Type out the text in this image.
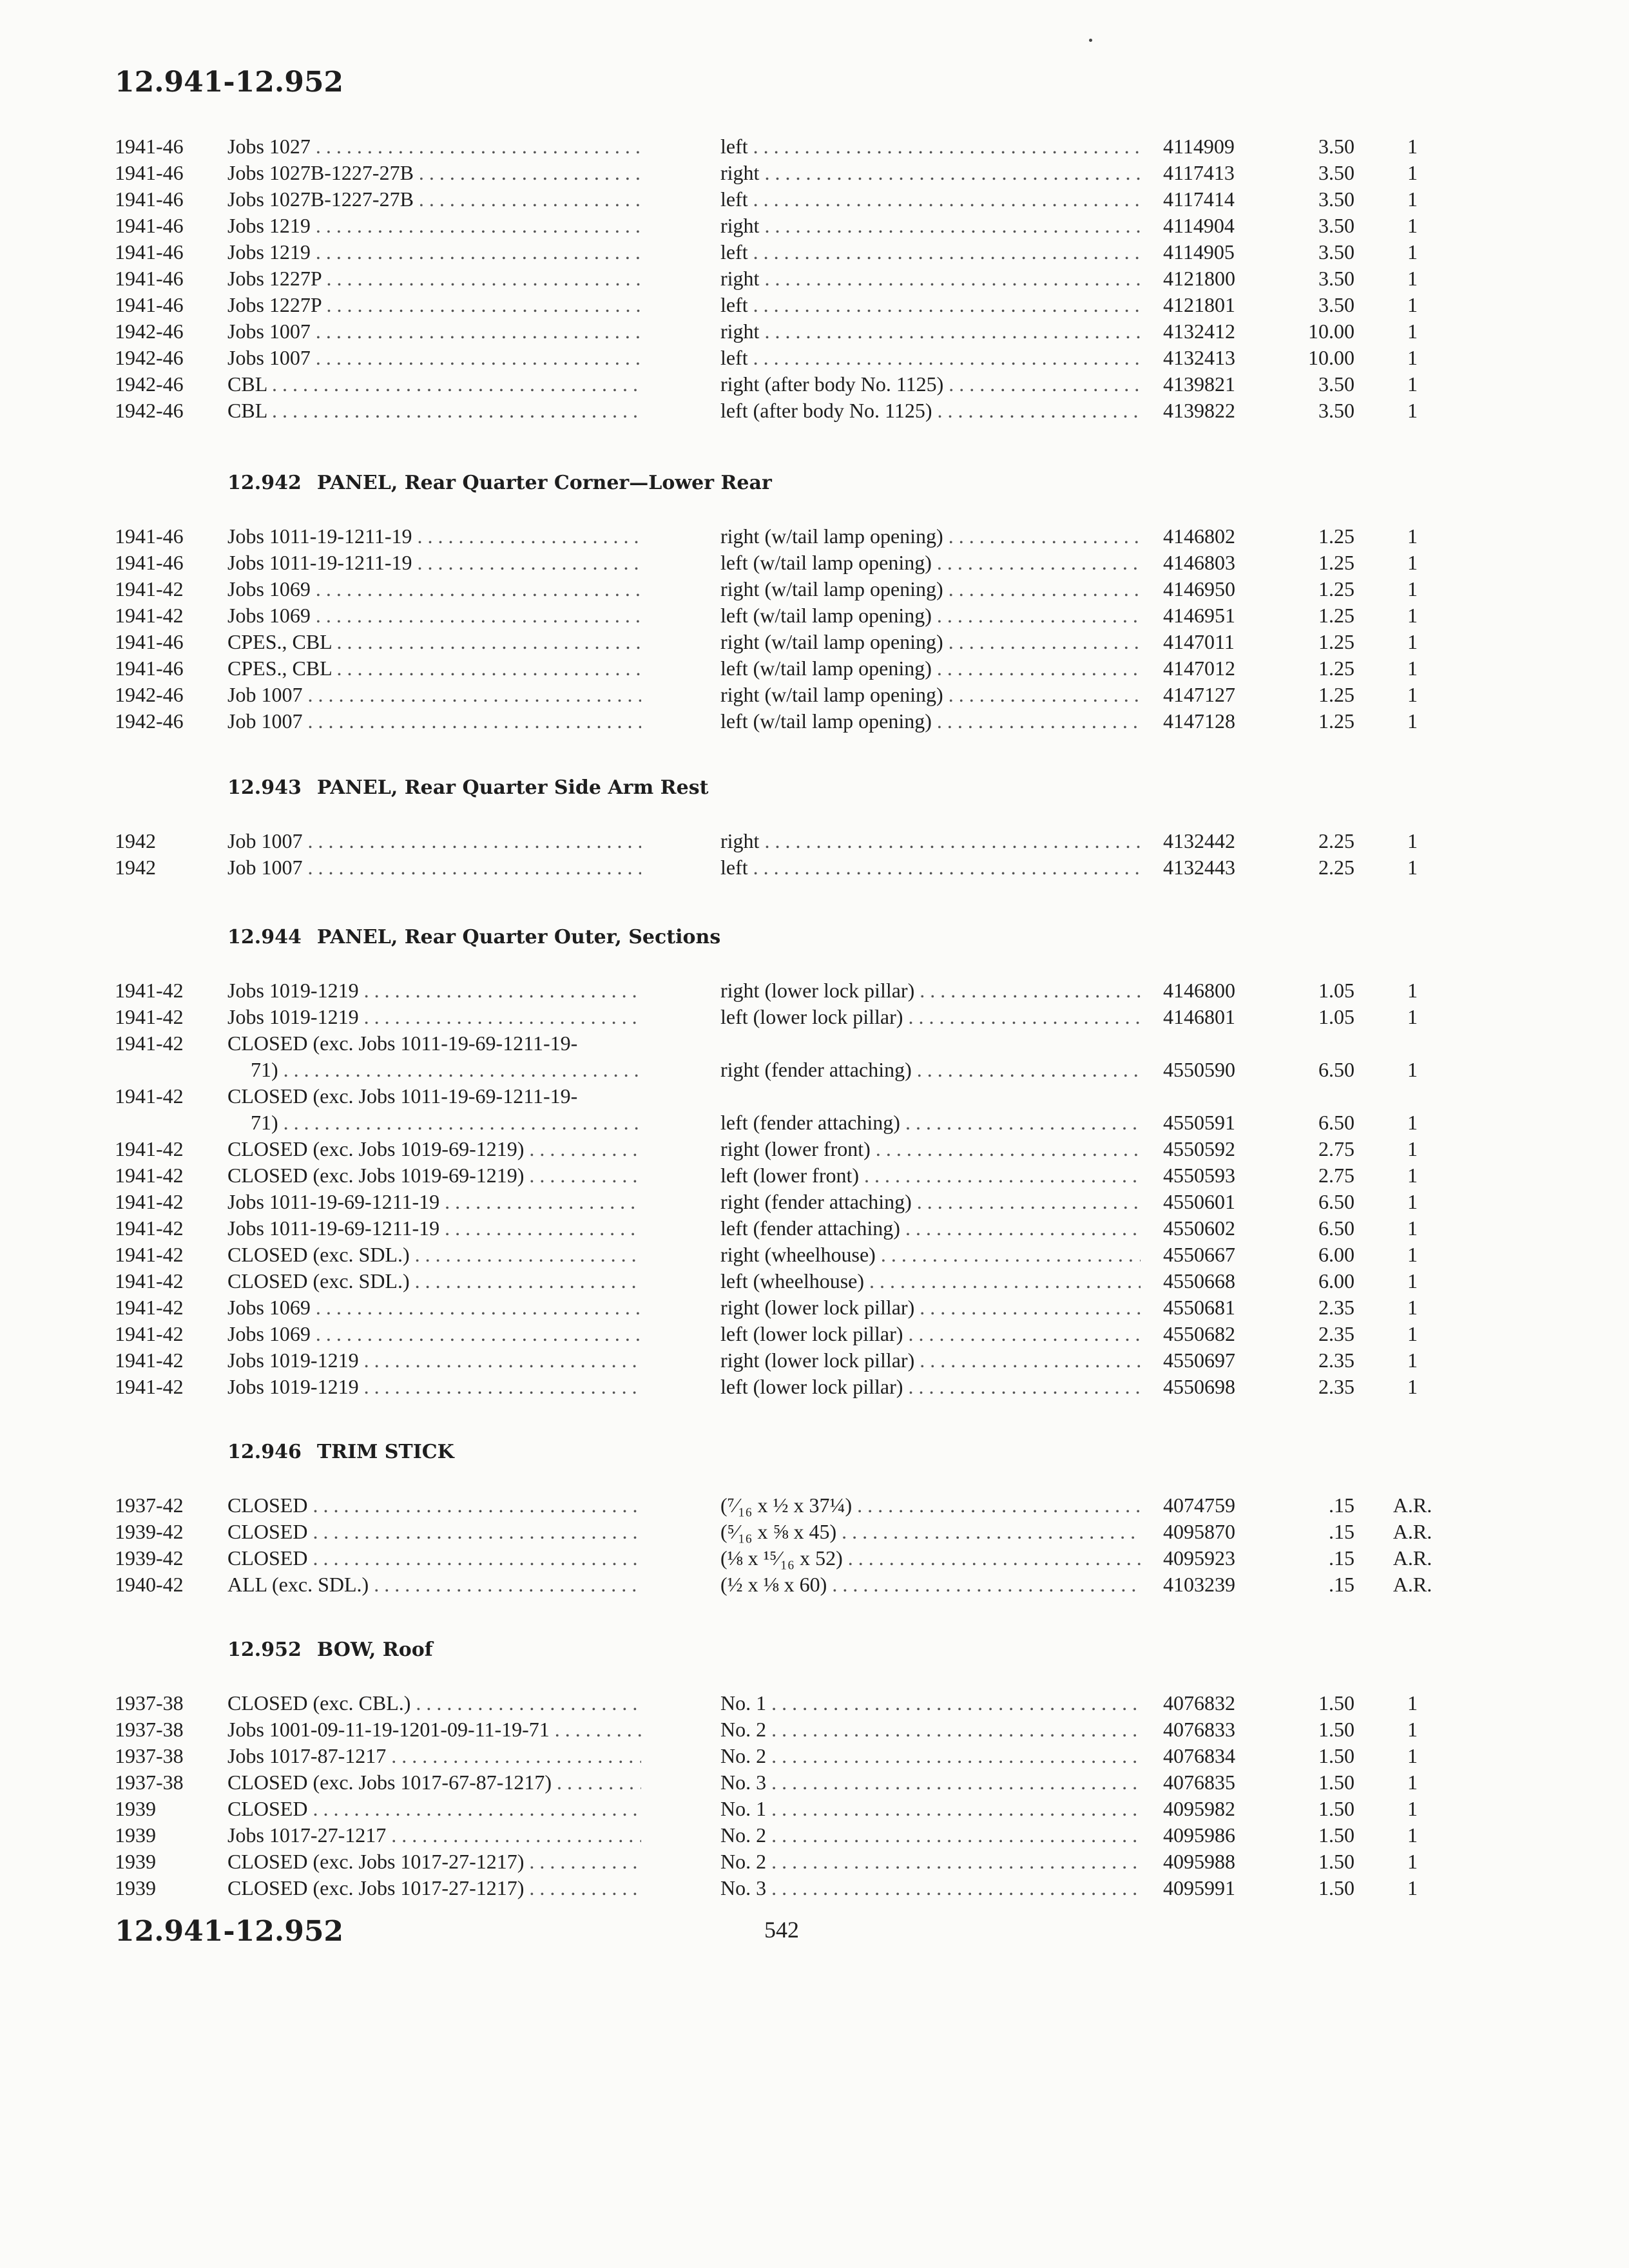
12.941-12.952
1941-46 Jobs 1027 . . .	left . . .	4114909	3.50	1
1941-46 Jobs 1027B-1227-27B . . .	right . . .	4117413	3.50	1
1941-46 Jobs 1027B-1227-27B . . .	left . . .	4117414	3.50	1
1941-46 Jobs 1219 . . .	right . . .	4114904	3.50	1
1941-46 Jobs 1219 . . .	left . . .	4114905	3.50	1
1941-46 Jobs 1227P . . .	right . . .	4121800	3.50	1
1941-46 Jobs 1227P . . .	left . . .	4121801	3.50	1
1942-46 Jobs 1007 . . .	right . . .	4132412	10.00	1
1942-46 Jobs 1007 . . .	left . . .	4132413	10.00	1
1942-46 CBL . . .	right (after body No. 1125) . . .	4139821	3.50	1
1942-46 CBL . . .	left (after body No. 1125) . . .	4139822	3.50	1
12.942 PANEL, Rear Quarter Corner—Lower Rear
1941-46 Jobs 1011-19-1211-19 . . .	right (w/tail lamp opening) . . .	4146802	1.25	1
1941-46 Jobs 1011-19-1211-19 . . .	left (w/tail lamp opening) . . .	4146803	1.25	1
1941-42 Jobs 1069 . . .	right (w/tail lamp opening) . . .	4146950	1.25	1
1941-42 Jobs 1069 . . .	left (w/tail lamp opening) . . .	4146951	1.25	1
1941-46 CPES., CBL . . .	right (w/tail lamp opening) . . .	4147011	1.25	1
1941-46 CPES., CBL . . .	left (w/tail lamp opening) . . .	4147012	1.25	1
1942-46 Job 1007 . . .	right (w/tail lamp opening) . . .	4147127	1.25	1
1942-46 Job 1007 . . .	left (w/tail lamp opening) . . .	4147128	1.25	1
12.943 PANEL, Rear Quarter Side Arm Rest
1942	Job 1007 . . .	right . . .	4132442	2.25	1
1942	Job 1007 . . .	left . . .	4132443	2.25	1
12.944 PANEL, Rear Quarter Outer, Sections
1941-42 Jobs 1019-1219 . . .	right (lower lock pillar) . . .	4146800	1.05	1
1941-42 Jobs 1019-1219 . . .	left (lower lock pillar) . . .	4146801	1.05	1
1941-42 CLOSED (exc. Jobs 1011-19-69-1211-19-
71) . . .	right (fender attaching) . . .	4550590	6.50	1
1941-42 CLOSED (exc. Jobs 1011-19-69-1211-19-
71) . . .	left (fender attaching) . . .	4550591	6.50	1
1941-42 CLOSED (exc. Jobs 1019-69-1219) . . .	right (lower front) . . .	4550592	2.75	1
1941-42 CLOSED (exc. Jobs 1019-69-1219) . . .	left (lower front) . . .	4550593	2.75	1
1941-42 Jobs 1011-19-69-1211-19 . . .	right (fender attaching) . . .	4550601	6.50	1
1941-42 Jobs 1011-19-69-1211-19 . . .	left (fender attaching) . . .	4550602	6.50	1
1941-42 CLOSED (exc. SDL.) . . .	right (wheelhouse) . . .	4550667	6.00	1
1941-42 CLOSED (exc. SDL.) . . .	left (wheelhouse) . . .	4550668	6.00	1
1941-42 Jobs 1069 . . .	right (lower lock pillar) . . .	4550681	2.35	1
1941-42 Jobs 1069 . . .	left (lower lock pillar) . . .	4550682	2.35	1
1941-42 Jobs 1019-1219 . . .	right (lower lock pillar) . . .	4550697	2.35	1
1941-42 Jobs 1019-1219 . . .	left (lower lock pillar) . . .	4550698	2.35	1
12.946 TRIM STICK
1937-42 CLOSED . . .	(⁷⁄₁₆ x ½ x 37¼) . . .	4074759	.15	A.R.
1939-42 CLOSED . . .	(⁵⁄₁₆ x ⅝ x 45) . . .	4095870	.15	A.R.
1939-42 CLOSED . . .	(⅛ x ¹⁵⁄₁₆ x 52) . . .	4095923	.15	A.R.
1940-42 ALL (exc. SDL.) . . .	(½ x ⅛ x 60) . . .	4103239	.15	A.R.
12.952 BOW, Roof
1937-38 CLOSED (exc. CBL.) . . .	No. 1 . . .	4076832	1.50	1
1937-38 Jobs 1001-09-11-19-1201-09-11-19-71 . . .	No. 2 . . .	4076833	1.50	1
1937-38 Jobs 1017-87-1217 . . .	No. 2 . . .	4076834	1.50	1
1937-38 CLOSED (exc. Jobs 1017-67-87-1217) . . .	No. 3 . . .	4076835	1.50	1
1939	CLOSED . . .	No. 1 . . .	4095982	1.50	1
1939	Jobs 1017-27-1217 . . .	No. 2 . . .	4095986	1.50	1
1939	CLOSED (exc. Jobs 1017-27-1217) . . .	No. 2 . . .	4095988	1.50	1
1939	CLOSED (exc. Jobs 1017-27-1217) . . .	No. 3 . . .	4095991	1.50	1
12.941-12.952	542
